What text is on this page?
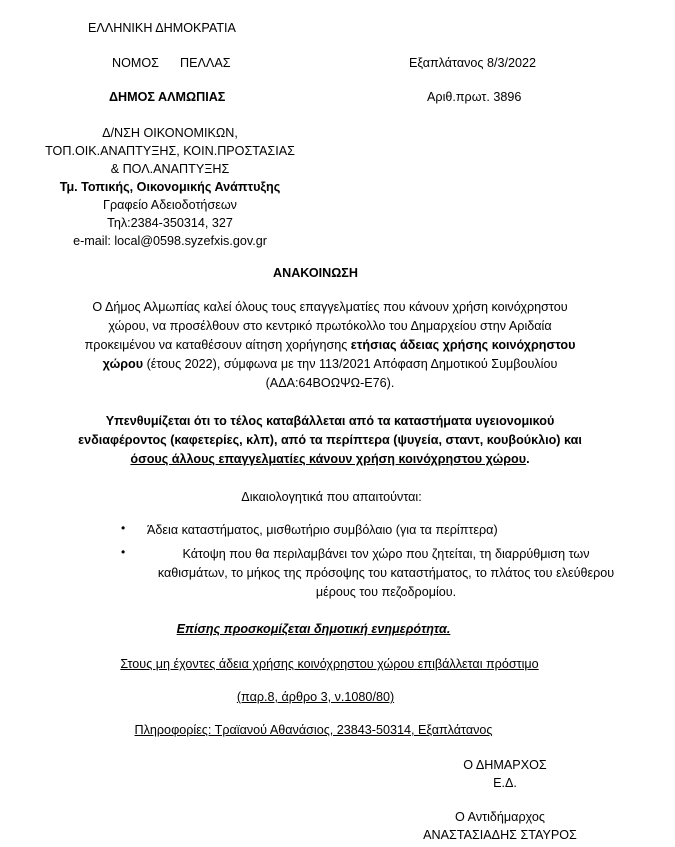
ΕΛΛΗΝΙΚΗ ΔΗΜΟΚΡΑΤΙΑ
ΝΟΜΟΣ ΠΕΛΛΑΣ
ΔΗΜΟΣ ΑΛΜΩΠΙΑΣ
Εξαπλάτανος 8/3/2022
Αριθ.πρωτ. 3896
Δ/ΝΣΗ ΟΙΚΟΝΟΜΙΚΩΝ,
ΤΟΠ.ΟΙΚ.ΑΝΑΠΤΥΞΗΣ, ΚΟΙΝ.ΠΡΟΣΤΑΣΙΑΣ
& ΠΟΛ.ΑΝΑΠΤΥΞΗΣ
Τμ. Τοπικής, Οικονομικής Ανάπτυξης
Γραφείο Αδειοδοτήσεων
Τηλ:2384-350314, 327
e-mail: local@0598.syzefxis.gov.gr
ΑΝΑΚΟΙΝΩΣΗ
Ο Δήμος Αλμωπίας καλεί όλους τους επαγγελματίες που κάνουν χρήση κοινόχρηστου
χώρου, να προσέλθουν στο κεντρικό πρωτόκολλο του Δημαρχείου στην Αριδαία
προκειμένου να καταθέσουν αίτηση χορήγησης ετήσιας άδειας χρήσης κοινόχρηστου
χώρου (έτους 2022), σύμφωνα με την 113/2021 Απόφαση Δημοτικού Συμβουλίου
(ΑΔΑ:64ΒΟΩΨΩ-Ε76).
Υπενθυμίζεται ότι το τέλος καταβάλλεται από τα καταστήματα υγειονομικού
ενδιαφέροντος (καφετερίες, κλπ), από τα περίπτερα (ψυγεία, σταντ, κουβούκλιο) και
όσους άλλους επαγγελματίες κάνουν χρήση κοινόχρηστου χώρου.
Δικαιολογητικά που απαιτούνται:
• Άδεια καταστήματος, μισθωτήριο συμβόλαιο (για τα περίπτερα)
•	Κάτοψη που θα περιλαμβάνει τον χώρο που ζητείται, τη διαρρύθμιση των
καθισμάτων, το μήκος της πρόσοψης του καταστήματος, το πλάτος του ελεύθερου
μέρους του πεζοδρομίου.
Επίσης προσκομίζεται δημοτική ενημερότητα.
Στους μη έχοντες άδεια χρήσης κοινόχρηστου χώρου επιβάλλεται πρόστιμο
(παρ.8, άρθρο 3, ν.1080/80)
Πληροφορίες: Τραϊανού Αθανάσιος, 23843-50314, Εξαπλάτανος
Ο ΔΗΜΑΡΧΟΣ
Ε.Δ.
Ο Αντιδήμαρχος
ΑΝΑΣΤΑΣΙΑΔΗΣ ΣΤΑΥΡΟΣ
